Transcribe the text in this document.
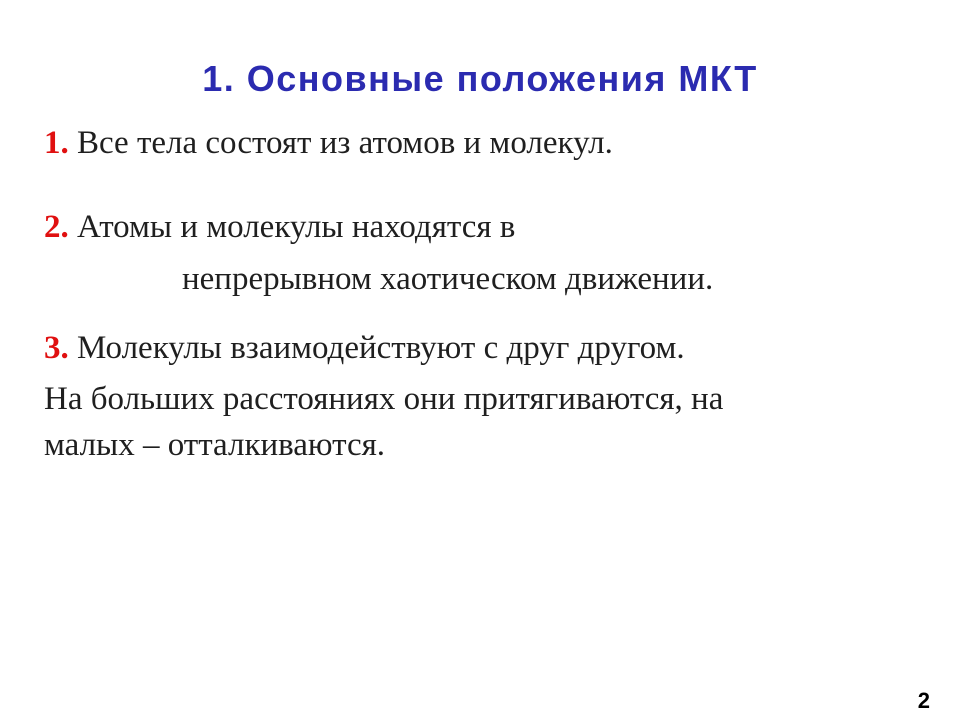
1. Основные положения МКТ
1. Все тела состоят из атомов и молекул.
2. Атомы и молекулы находятся в
непрерывном хаотическом движении.
3. Молекулы взаимодействуют с друг другом.
На больших расстояниях они притягиваются, на
малых – отталкиваются.
2
